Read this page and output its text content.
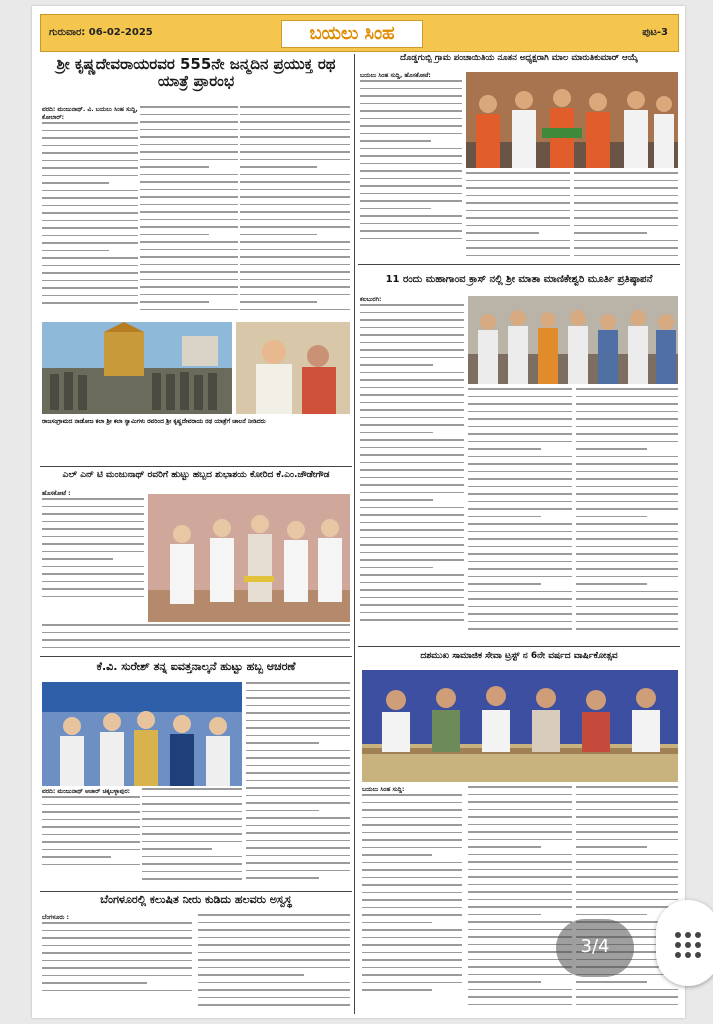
ಗುರುವಾರ: 06-02-2025	ಬಯಲು ಸಿಂಹ	ಪುಟ-3
ಶ್ರೀ ಕೃಷ್ಣದೇವರಾಯರವರ 555ನೇ ಜನ್ಮದಿನ ಪ್ರಯುಕ್ತ ರಥ ಯಾತ್ರೆ ಪ್ರಾರಂಭ
ವರದಿ: ಮಂಜುನಾಥ್. ವಿ. ಬಯಲು ಸಿಂಹ ಸುದ್ದಿ, ಕೋಲಾರ್:
ರಾಜಸಂಗ್ರಾಮದ ನಾಡೋಜ ಕಲಾ ಶ್ರೀ ಕಲಾ ಸ್ವಾಮಿಗಳು ರವರಿಂದ ಶ್ರೀ ಕೃಷ್ಣದೇವರಾಯ ರಥ ಯಾತ್ರೆಗೆ ಚಾಲನೆ ನೀಡಿದರು
ಎಲ್ ಎನ್ ಟಿ ಮಂಜುನಾಥ್ ರವರಿಗೆ ಹುಟ್ಟು ಹಬ್ಬದ ಶುಭಾಶಯ ಕೋರಿದ ಕೆ.ಎಂ.ಜೌಡೇಗೌಡ
ಹೊಸಕೋಟೆ :
ಕೆ.ವಿ. ಸುರೇಶ್ ತನ್ನ ಐವತ್ತನಾಲ್ಕನೆ ಹುಟ್ಟು ಹಬ್ಬ ಆಚರಣೆ
ವರದಿ: ಮಂಜುನಾಥ್ ಆಚಾರ್ ಚಿಕ್ಕಬಳ್ಳಾಪುರ:
ಬೆಂಗಳೂರಲ್ಲಿ ಕಲುಷಿತ ನೀರು ಕುಡಿದು ಹಲವರು ಅಸ್ವಸ್ಥ
ಬೆಂಗಳೂರು :
ದೊಡ್ಡಗುಬ್ಬಿ ಗ್ರಾಮ ಪಂಚಾಯಿತಿಯ ನೂತನ ಅಧ್ಯಕ್ಷರಾಗಿ ಮಾಲ ಮಾರುತಿಕುಮಾರ್ ಆಯ್ಕೆ
ಬಯಲು ಸಿಂಹ ಸುದ್ದಿ, ಹೊಸಕೋಟೆ:
11 ರಂದು ಮಹಾಗಾಂವ ಕ್ರಾಸ್ ನಲ್ಲಿ ಶ್ರೀ ಮಾತಾ ಮಾಣಿಕೇಶ್ವರಿ ಮೂರ್ತಿ ಪ್ರತಿಷ್ಠಾಪನೆ
ಕಲಬುರಗಿ:
ದಶಮುಖ ಸಾಮಾಜಿಕ ಸೇವಾ ಟ್ರಸ್ಟ್ ನ 6ನೇ ವರ್ಷದ ವಾರ್ಷಿಕೋತ್ಸವ
ಬಯಲು ಸಿಂಹ ಸುದ್ದಿ:
3/4
